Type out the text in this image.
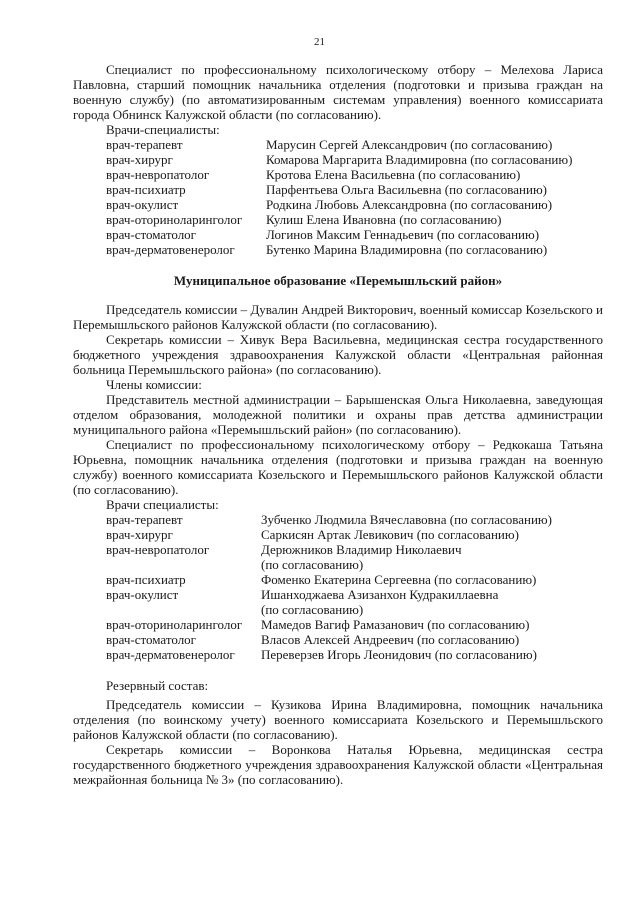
21

Специалист по профессиональному психологическому отбору – Мелехова Лариса Павловна, старший помощник начальника отделения (подготовки и призыва граждан на военную службу) (по автоматизированным системам управления) военного комиссариата города Обнинск Калужской области (по согласованию).

Врачи-специалисты:

врач-терапевт	Марусин Сергей Александрович (по согласованию)
врач-хирург	Комарова Маргарита Владимировна (по согласованию)
врач-невропатолог	Кротова Елена Васильевна (по согласованию)
врач-психиатр	Парфентьева Ольга Васильевна (по согласованию)
врач-окулист	Родкина Любовь Александровна (по согласованию)
врач-оториноларинголог	Кулиш Елена Ивановна (по согласованию)
врач-стоматолог	Логинов Максим Геннадьевич (по согласованию)
врач-дерматовенеролог	Бутенко Марина Владимировна (по согласованию)

Муниципальное образование «Перемышльский район»

Председатель комиссии – Дувалин Андрей Викторович, военный комиссар Козельского и Перемышльского районов Калужской области (по согласованию).

Секретарь комиссии – Хивук Вера Васильевна, медицинская сестра государственного бюджетного учреждения здравоохранения Калужской области «Центральная районная больница Перемышльского района» (по согласованию).

Члены комиссии:

Представитель местной администрации – Барышенская Ольга Николаевна, заведующая отделом образования, молодежной политики и охраны прав детства администрации муниципального района «Перемышльский район» (по согласованию).

Специалист по профессиональному психологическому отбору – Редкокаша Татьяна Юрьевна, помощник начальника отделения (подготовки и призыва граждан на военную службу) военного комиссариата Козельского и Перемышльского районов Калужской области (по согласованию).

Врачи специалисты:

врач-терапевт	Зубченко Людмила Вячеславовна (по согласованию)
врач-хирург	Саркисян Артак Левикович (по согласованию)
врач-невропатолог	Дерюжников Владимир Николаевич
(по согласованию)
врач-психиатр	Фоменко Екатерина Сергеевна (по согласованию)
врач-окулист	Ишанходжаева Азизанхон Кудракиллаевна
(по согласованию)
врач-оториноларинголог	Мамедов Вагиф Рамазанович (по согласованию)
врач-стоматолог	Власов Алексей Андреевич (по согласованию)
врач-дерматовенеролог	Переверзев Игорь Леонидович (по согласованию)

Резервный состав:

Председатель комиссии – Кузикова Ирина Владимировна, помощник начальника отделения (по воинскому учету) военного комиссариата Козельского и Перемышльского районов Калужской области (по согласованию).

Секретарь комиссии – Воронкова Наталья Юрьевна, медицинская сестра государственного бюджетного учреждения здравоохранения Калужской области «Центральная межрайонная больница № 3» (по согласованию).
